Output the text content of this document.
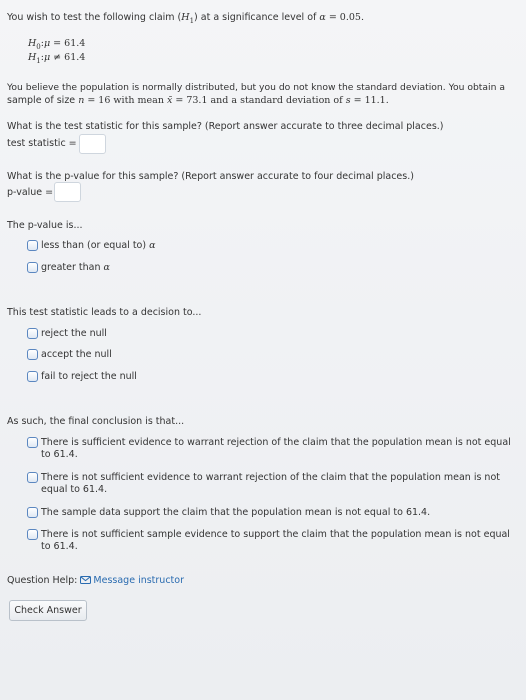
You wish to test the following claim $(H_1)$ at a significance level of α = 0.05.
$H_0:\mu = 61.4$
$H_1:\mu \ne 61.4$
You believe the population is normally distributed, but you do not know the standard deviation. You obtain a
sample of size n = 16 with mean x̄ = 73.1 and a standard deviation of s = 11.1.
What is the test statistic for this sample? (Report answer accurate to three decimal places.)
test statistic =
What is the p-value for this sample? (Report answer accurate to four decimal places.)
p-value =
The p-value is...
less than (or equal to) α
greater than α
This test statistic leads to a decision to...
reject the null
accept the null
fail to reject the null
As such, the final conclusion is that...
There is sufficient evidence to warrant rejection of the claim that the population mean is not equal to 61.4.
There is not sufficient evidence to warrant rejection of the claim that the population mean is not equal to 61.4.
The sample data support the claim that the population mean is not equal to 61.4.
There is not sufficient sample evidence to support the claim that the population mean is not equal to 61.4.
Question Help: Message instructor
Check Answer
